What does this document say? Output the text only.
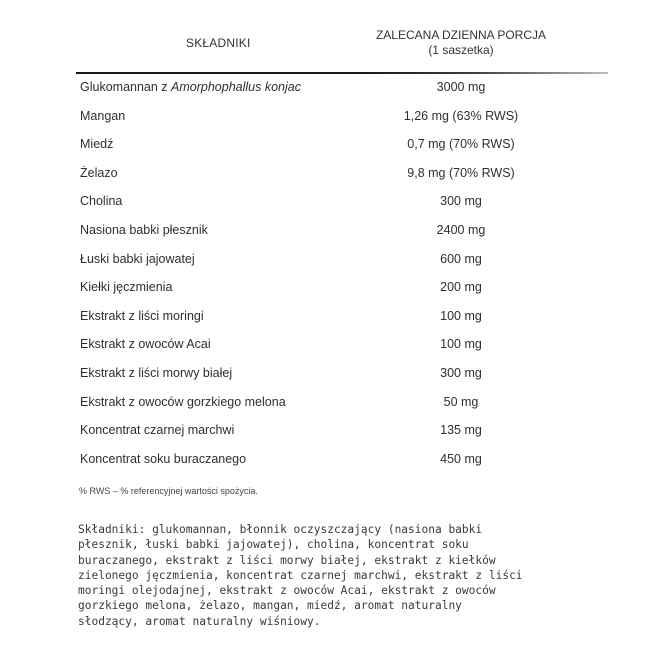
SKŁADNIKI
ZALECANA DZIENNA PORCJA
(1 saszetka)
Glukomannan z Amorphophallus konjac	3000 mg
Mangan	1,26 mg (63% RWS)
Miedź	0,7 mg (70% RWS)
Żelazo	9,8 mg (70% RWS)
Cholina	300 mg
Nasiona babki płesznik	2400 mg
Łuski babki jajowatej	600 mg
Kiełki jęczmienia	200 mg
Ekstrakt z liści moringi	100 mg
Ekstrakt z owoców Acai	100 mg
Ekstrakt z liści morwy białej	300 mg
Ekstrakt z owoców gorzkiego melona	50 mg
Koncentrat czarnej marchwi	135 mg
Koncentrat soku buraczanego	450 mg
% RWS – % referencyjnej wartości spożycia.
Składniki: glukomannan, błonnik oczyszczający (nasiona babki
płesznik, łuski babki jajowatej), cholina, koncentrat soku
buraczanego, ekstrakt z liści morwy białej, ekstrakt z kiełków
zielonego jęczmienia, koncentrat czarnej marchwi, ekstrakt z liści
moringi olejodajnej, ekstrakt z owoców Acai, ekstrakt z owoców
gorzkiego melona, żelazo, mangan, miedź, aromat naturalny
słodzący, aromat naturalny wiśniowy.
